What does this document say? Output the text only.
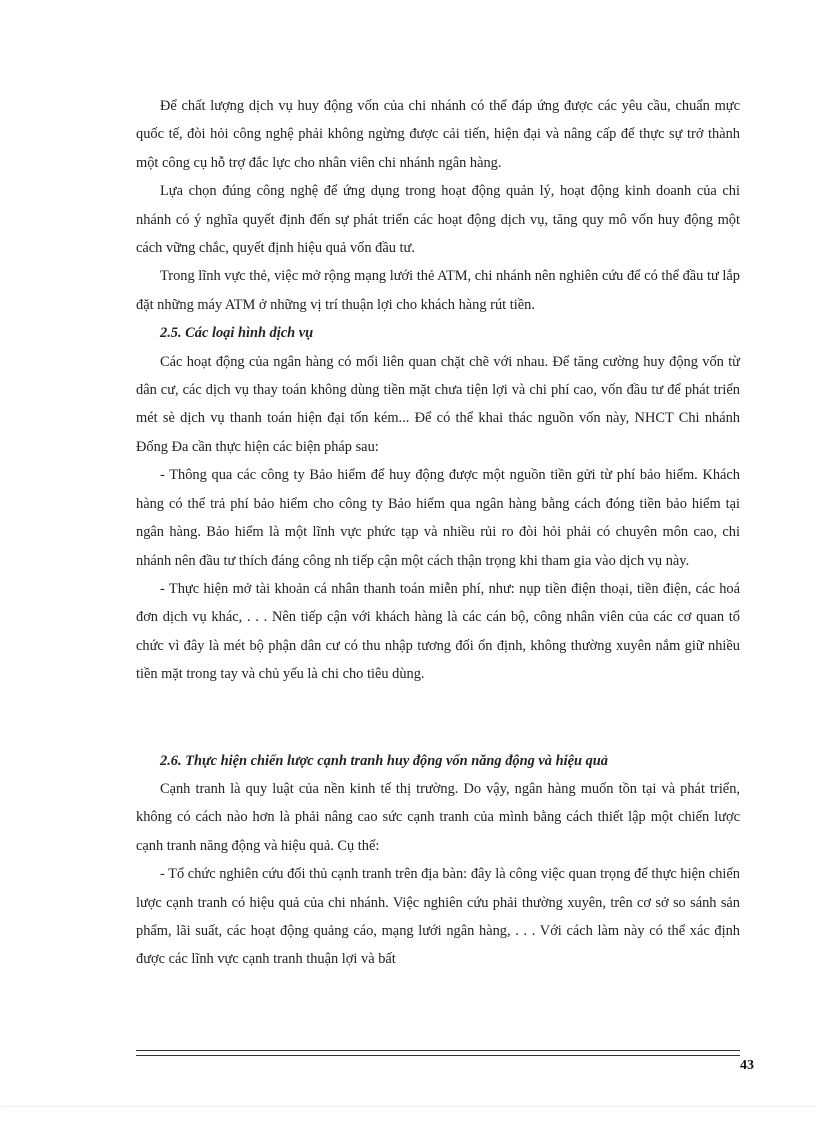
Để chất lượng dịch vụ huy động vốn của chi nhánh có thể đáp ứng được các yêu cầu, chuẩn mực quốc tế, đòi hỏi công nghệ phải không ngừng được cải tiến, hiện đại và nâng cấp để thực sự trở thành một công cụ hỗ trợ đắc lực cho nhân viên chi nhánh ngân hàng.

Lựa chọn đúng công nghệ để ứng dụng trong hoạt động quản lý, hoạt động kinh doanh của chi nhánh có ý nghĩa quyết định đến sự phát triển các hoạt động dịch vụ, tăng quy mô vốn huy động một cách vững chắc, quyết định hiệu quả vốn đầu tư.

Trong lĩnh vực thẻ, việc mở rộng mạng lưới thẻ ATM, chi nhánh nên nghiên cứu để có thể đầu tư lắp đặt những máy ATM ở những vị trí thuận lợi cho khách hàng rút tiền.

2.5. Các loại hình dịch vụ

Các hoạt động của ngân hàng có mối liên quan chặt chẽ với nhau. Để tăng cường huy động vốn từ dân cư, các dịch vụ thay toán không dùng tiền mặt chưa tiện lợi và chi phí cao, vốn đầu tư để phát triển mét sè dịch vụ thanh toán hiện đại tốn kém... Để có thể khai thác nguồn vốn này, NHCT Chi nhánh Đống Đa cần thực hiện các biện pháp sau:

- Thông qua các công ty Bảo hiểm để huy động được một nguồn tiền gửi từ phí bảo hiểm. Khách hàng có thể trả phí bảo hiểm cho công ty Bảo hiểm qua ngân hàng bằng cách đóng tiền bảo hiểm tại ngân hàng. Bảo hiểm là một lĩnh vực phức tạp và nhiều rủi ro đòi hỏi phải có chuyên môn cao, chi nhánh nên đầu tư thích đáng công nh tiếp cận một cách thận trọng khi tham gia vào dịch vụ này.

- Thực hiện mở tài khoản cá nhân thanh toán miễn phí, như: nụp tiền điện thoại, tiền điện, các hoá đơn dịch vụ khác, . . . Nên tiếp cận với khách hàng là các cán bộ, công nhân viên của các cơ quan tổ chức vì đây là mét bộ phận dân cư có thu nhập tương đối ổn định, không thường xuyên nắm giữ nhiều tiền mặt trong tay và chủ yếu là chi cho tiêu dùng.

2.6. Thực hiện chiến lược cạnh tranh huy động vốn năng động và hiệu quả

Cạnh tranh là quy luật của nền kinh tế thị trường. Do vậy, ngân hàng muốn tồn tại và phát triển, không có cách nào hơn là phải nâng cao sức cạnh tranh của mình bằng cách thiết lập một chiến lược cạnh tranh năng động và hiệu quả. Cụ thể:

- Tổ chức nghiên cứu đối thủ cạnh tranh trên địa bàn: đây là công việc quan trọng để thực hiện chiến lược cạnh tranh có hiệu quả của chi nhánh. Việc nghiên cứu phải thường xuyên, trên cơ sở so sánh sản phẩm, lãi suất, các hoạt động quảng cáo, mạng lưới ngân hàng, . . . Với cách làm này có thể xác định được các lĩnh vực cạnh tranh thuận lợi và bất

43
